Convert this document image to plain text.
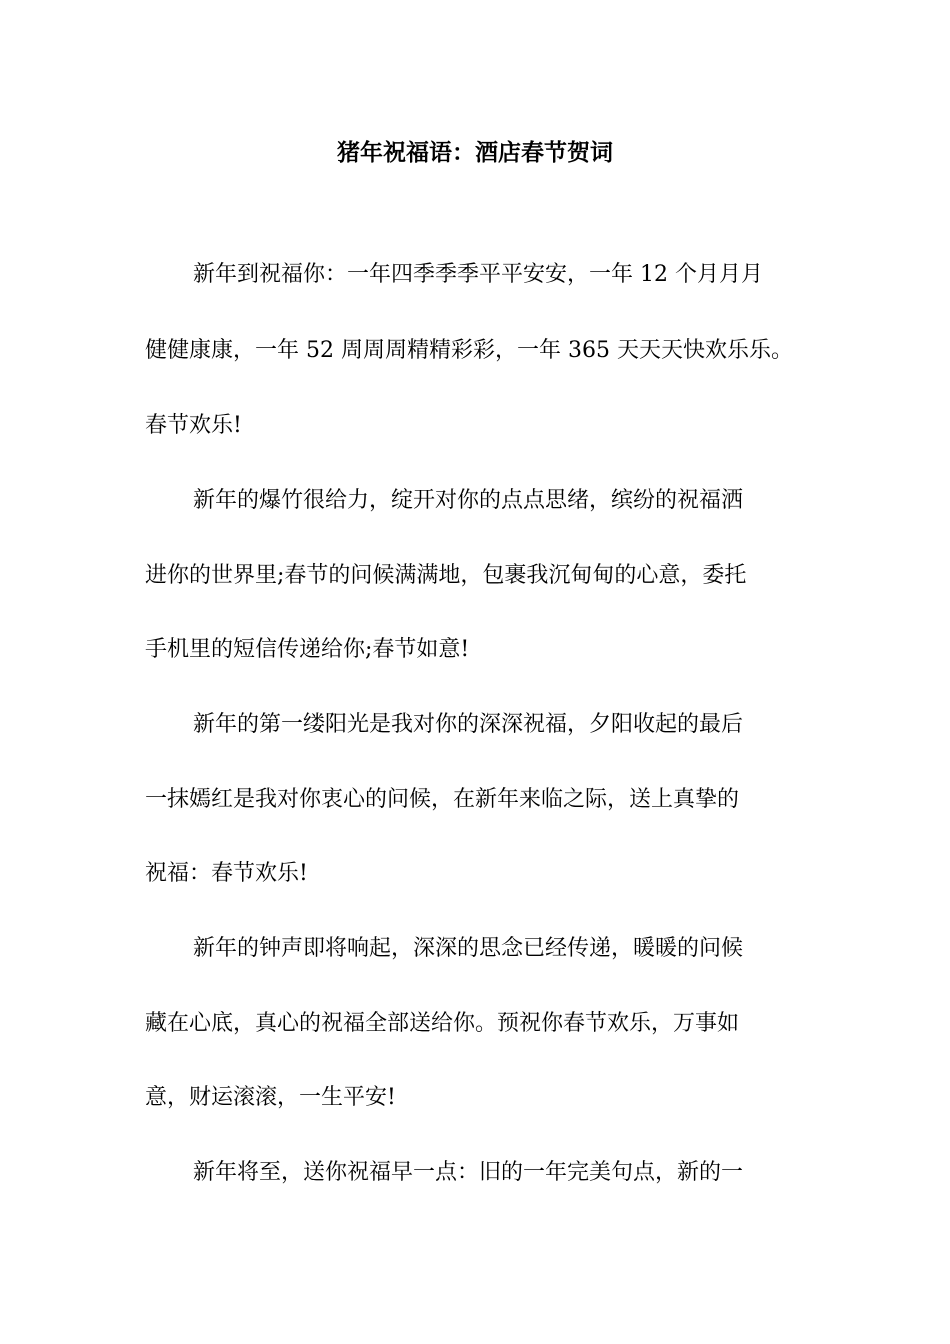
猪年祝福语：酒店春节贺词
新年到祝福你：一年四季季季平平安安，一年 12 个月月月
健健康康，一年 52 周周周精精彩彩，一年 365 天天天快欢乐乐。
春节欢乐!
新年的爆竹很给力，绽开对你的点点思绪，缤纷的祝福洒
进你的世界里;春节的问候满满地，包裹我沉甸甸的心意，委托
手机里的短信传递给你;春节如意!
新年的第一缕阳光是我对你的深深祝福，夕阳收起的最后
一抹嫣红是我对你衷心的问候，在新年来临之际，送上真挚的
祝福：春节欢乐!
新年的钟声即将响起，深深的思念已经传递，暖暖的问候
藏在心底，真心的祝福全部送给你。预祝你春节欢乐，万事如
意，财运滚滚，一生平安!
新年将至，送你祝福早一点：旧的一年完美句点，新的一
